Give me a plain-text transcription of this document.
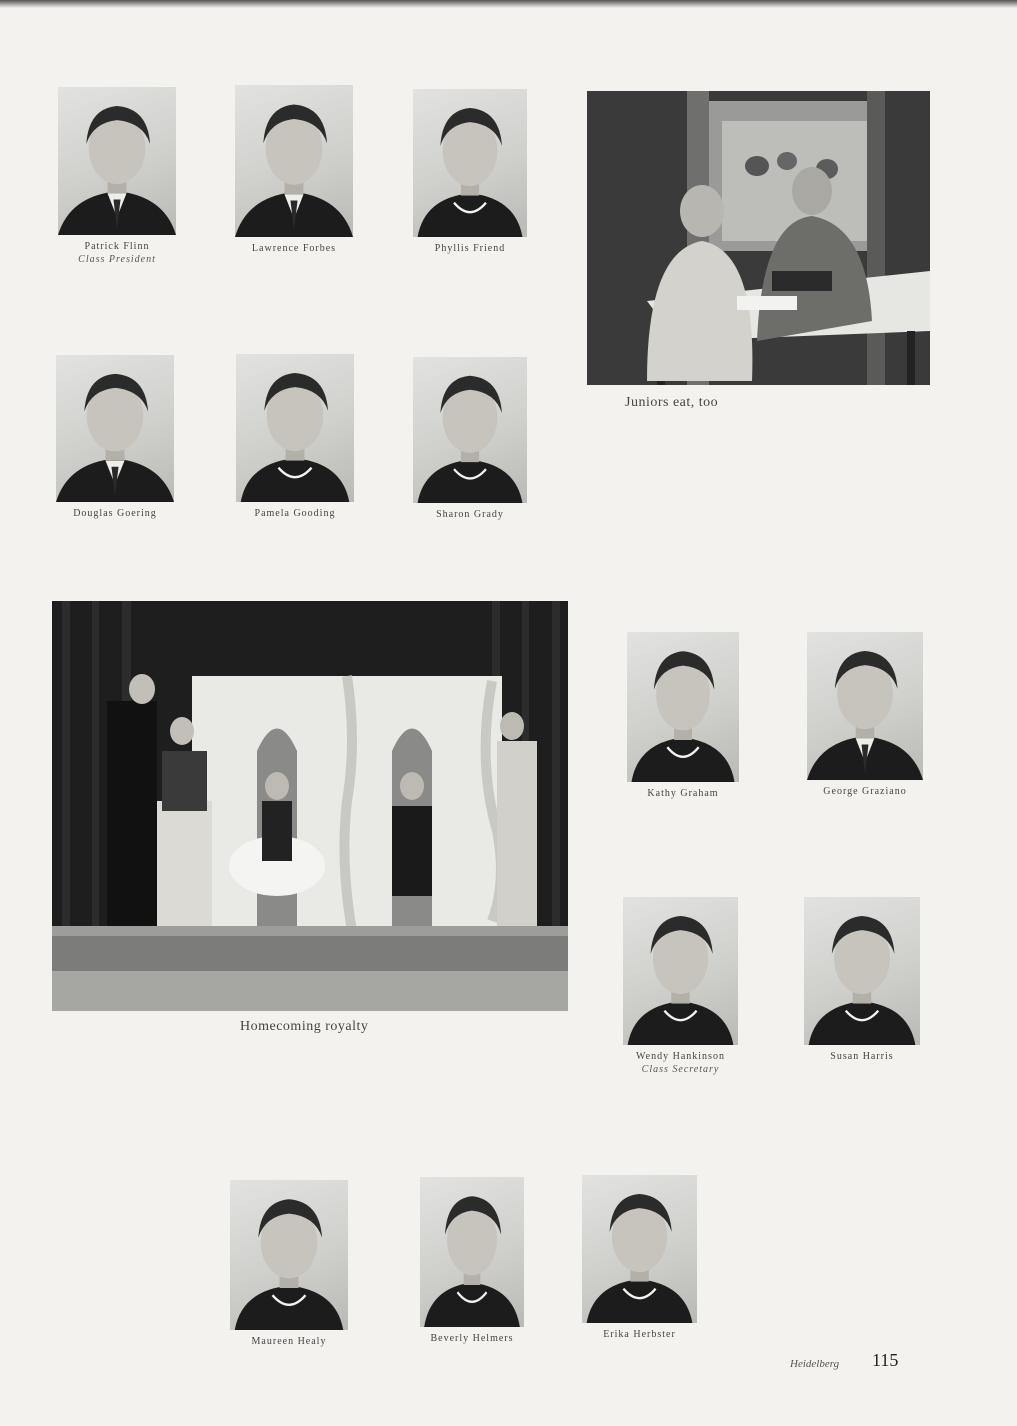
Patrick Flinn
Class President
Lawrence Forbes	Phyllis Friend
Douglas Goering	Pamela Gooding	Sharon Grady
Kathy Graham	George Graziano
Wendy Hankinson
Class Secretary
Susan Harris
Maureen Healy	Beverly Helmers	Erika Herbster
Juniors eat, too
Homecoming royalty
Heidelberg 115
